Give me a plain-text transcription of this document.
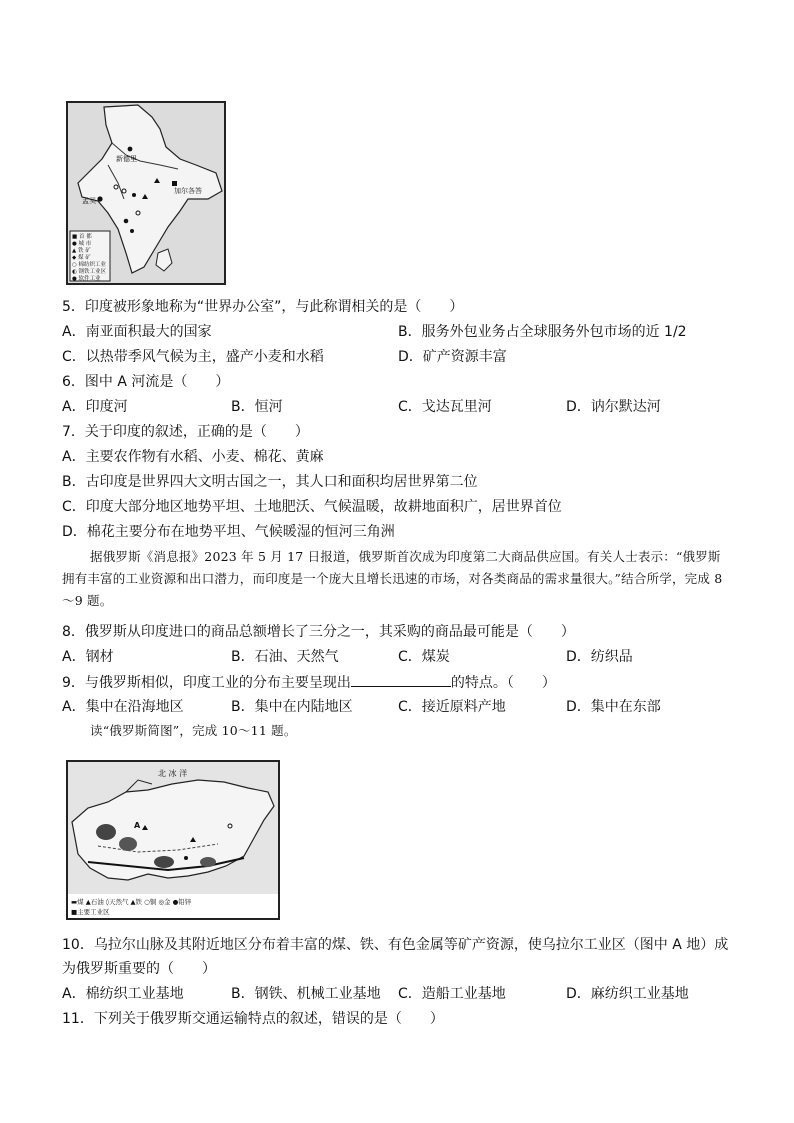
新德里
加尔各答
孟买
■ 首 都
● 城 市
▲ 铁 矿
◆ 煤 矿
○ 棉纺织工业
◐ 钢铁工业区
● 软件工业
5．印度被形象地称为“世界办公室”，与此称谓相关的是（　　）
A．南亚面积最大的国家	B．服务外包业务占全球服务外包市场的近 1/2
C．以热带季风气候为主，盛产小麦和水稻	D．矿产资源丰富
6．图中 A 河流是（　　）
A．印度河	B．恒河	C．戈达瓦里河	D．讷尔默达河
7．关于印度的叙述，正确的是（　　）
A．主要农作物有水稻、小麦、棉花、黄麻
B．古印度是世界四大文明古国之一，其人口和面积均居世界第二位
C．印度大部分地区地势平坦、土地肥沃、气候温暖，故耕地面积广，居世界首位
D．棉花主要分布在地势平坦、气候暖湿的恒河三角洲

据俄罗斯《消息报》2023 年 5 月 17 日报道，俄罗斯首次成为印度第二大商品供应国。有关人士表示：“俄罗斯拥有丰富的工业资源和出口潜力，而印度是一个庞大且增长迅速的市场，对各类商品的需求量很大。”结合所学，完成 8～9 题。

8．俄罗斯从印度进口的商品总额增长了三分之一，其采购的商品最可能是（　　）
A．钢材	B．石油、天然气	C．煤炭	D．纺织品
9．与俄罗斯相似，印度工业的分布主要呈现出	的特点。（　　）
A．集中在沿海地区	B．集中在内陆地区	C．接近原料产地	D．集中在东部

读“俄罗斯简图”，完成 10～11 题。

北 冰 洋
A
▬煤 ▲石油 ◊天然气 ▲铁 ○铜 ◎金 ●铅锌
■主要工业区
10．乌拉尔山脉及其附近地区分布着丰富的煤、铁、有色金属等矿产资源，使乌拉尔工业区（图中 A 地）成
为俄罗斯重要的（　　）
A．棉纺织工业基地	B．钢铁、机械工业基地 C．造船工业基地	D．麻纺织工业基地
11．下列关于俄罗斯交通运输特点的叙述，错误的是（　　）
